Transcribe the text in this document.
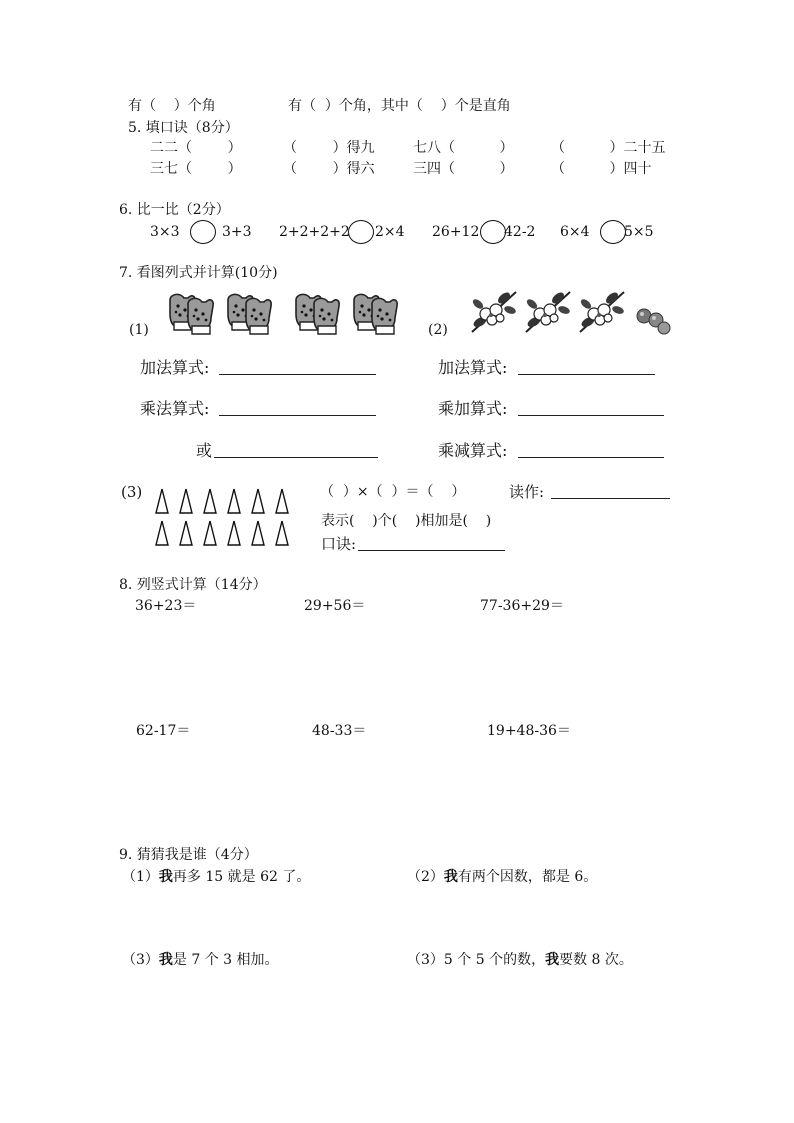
有（    ）个角	有（  ）个角，其中（    ）个是直角
5. 填口诀（8分）
二二（        ）	（        ）得九	七八（          ）	（          ）二十五
三七（        ）	（        ）得六	三四（          ）	（          ）四十
6. 比一比（2分）
3×3	3+3 2+2+2+2 2×4 26+12 42-2 6×4 5×5
7. 看图列式并计算(10分)
(1)	(2)
加法算式:
乘法算式:
或
加法算式:
乘加算式:
乘减算式:
(3)	（  ）×（  ）＝（    ）	读作:
表示(    )个(    )相加是(    )
口诀:
8. 列竖式计算（14分）
36+23＝	29+56＝	77-36+29＝
62-17＝	48-33＝	19+48-36＝
9. 猜猜我是谁（4分）
（1）我再多 15 就是 62 了。	（2）我有两个因数，都是 6。
（3）我是 7 个 3 相加。	（3）5 个 5 个的数，我要数 8 次。
